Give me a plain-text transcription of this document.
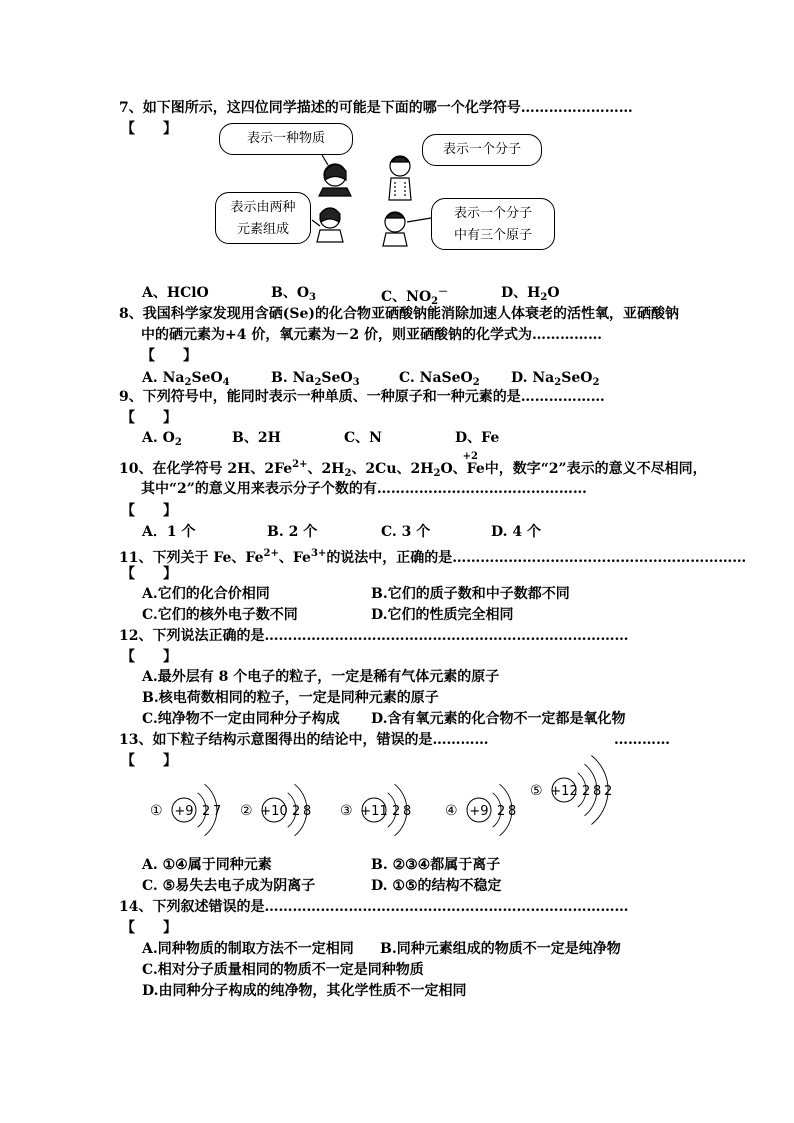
7、如下图所示，这四位同学描述的可能是下面的哪一个化学符号……………………
【　　】
表示一种物质
表示一个分子
表示由两种
元素组成
表示一个分子
中有三个原子
A、HClO	B、$O_3$	C、$NO_2^-$	D、$H_2O$
8、我国科学家发现用含硒(Se)的化合物亚硒酸钠能消除加速人体衰老的活性氧，亚硒酸钠
中的硒元素为+4 价，氧元素为－2 价，则亚硒酸钠的化学式为……………
【　　】
A. $Na_2SeO_4$	B. $Na_2SeO_3$	C. NaSeO$_2$ D. $Na_2SeO_2$
9、下列符号中，能同时表示一种单质、一种原子和一种元素的是………………
【　　】
A. $O_2$	B、2H	C、N	D、Fe
10、在化学符号 2H、$2Fe^{2+}$、$2H_2$、2Cu、$2H_2O$、
+2
Fe中，数字“2”表示的意义不尽相同，
其中“2”的意义用来表示分子个数的有………………………………………
【　　】
A．1 个	B. 2 个	C. 3 个	D. 4 个
11、下列关于 Fe、$Fe^{2+}$、$Fe^{3+}$的说法中，正确的是………………………………………………………
【　　】
A.它们的化合价相同	B.它们的质子数和中子数都不同
C.它们的核外电子数不同	D.它们的性质完全相同
12、下列说法正确的是……………………………………………………………………
【　　】
A.最外层有 8 个电子的粒子，一定是稀有气体元素的原子
B.核电荷数相同的粒子，一定是同种元素的原子
C.纯净物不一定由同种分子构成 D.含有氧元素的化合物不一定都是氧化物
13、如下粒子结构示意图得出的结论中，错误的是…………	…………
【　　】
① +9 2 7 ② +10 2 8 ③ +11 2 8 ④ +9 2 8
⑤ +12 2 8 2
A. ①④属于同种元素	B. ②③④都属于离子
C. ⑤易失去电子成为阴离子	D. ①⑤的结构不稳定
14、下列叙述错误的是……………………………………………………………………
【　　】
A.同种物质的制取方法不一定相同 B.同种元素组成的物质不一定是纯净物
C.相对分子质量相同的物质不一定是同种物质
D.由同种分子构成的纯净物，其化学性质不一定相同
